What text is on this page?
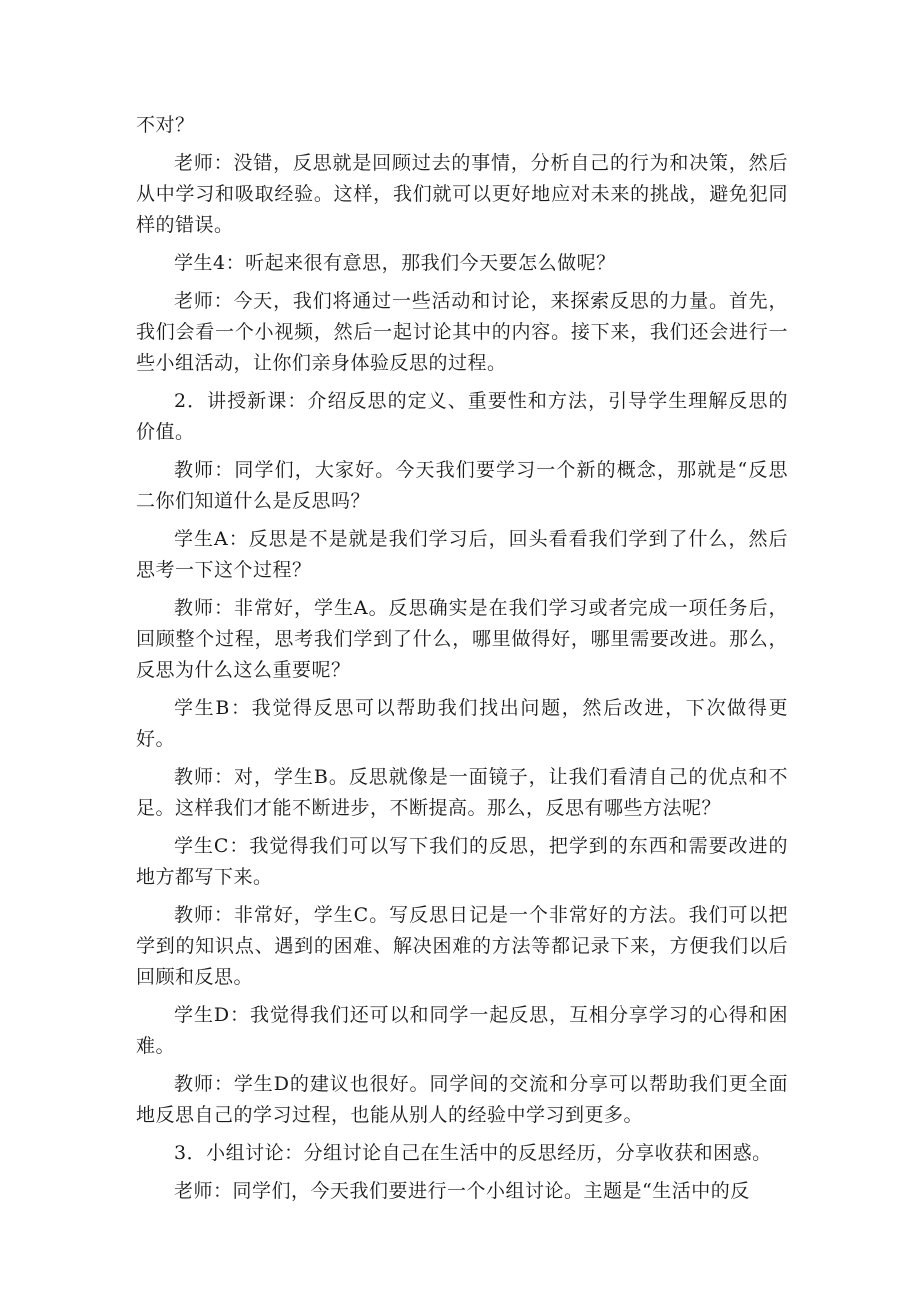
不对？

老师：没错，反思就是回顾过去的事情，分析自己的行为和决策，然后从中学习和吸取经验。这样，我们就可以更好地应对未来的挑战，避免犯同样的错误。

学生4：听起来很有意思，那我们今天要怎么做呢？

老师：今天，我们将通过一些活动和讨论，来探索反思的力量。首先，我们会看一个小视频，然后一起讨论其中的内容。接下来，我们还会进行一些小组活动，让你们亲身体验反思的过程。

2．讲授新课：介绍反思的定义、重要性和方法，引导学生理解反思的价值。

教师：同学们，大家好。今天我们要学习一个新的概念，那就是“反思二你们知道什么是反思吗？

学生A：反思是不是就是我们学习后，回头看看我们学到了什么，然后思考一下这个过程？

教师：非常好，学生A。反思确实是在我们学习或者完成一项任务后，回顾整个过程，思考我们学到了什么，哪里做得好，哪里需要改进。那么，反思为什么这么重要呢？

学生B：我觉得反思可以帮助我们找出问题，然后改进，下次做得更好。

教师：对，学生B。反思就像是一面镜子，让我们看清自己的优点和不足。这样我们才能不断进步，不断提高。那么，反思有哪些方法呢？

学生C：我觉得我们可以写下我们的反思，把学到的东西和需要改进的地方都写下来。

教师：非常好，学生C。写反思日记是一个非常好的方法。我们可以把学到的知识点、遇到的困难、解决困难的方法等都记录下来，方便我们以后回顾和反思。

学生D：我觉得我们还可以和同学一起反思，互相分享学习的心得和困难。

教师：学生D的建议也很好。同学间的交流和分享可以帮助我们更全面地反思自己的学习过程，也能从别人的经验中学习到更多。

3．小组讨论：分组讨论自己在生活中的反思经历，分享收获和困惑。

老师：同学们，今天我们要进行一个小组讨论。主题是“生活中的反
